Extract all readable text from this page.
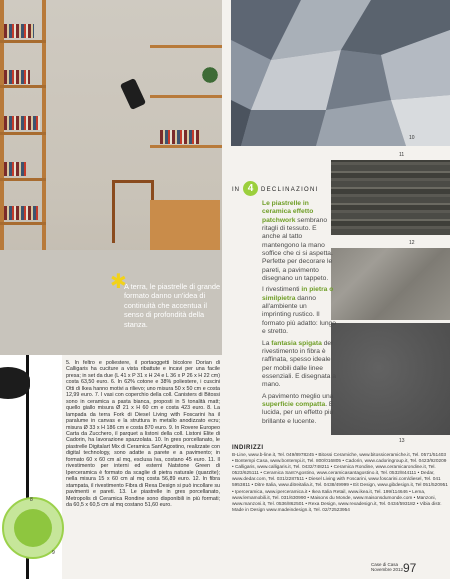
✱
A terra, le piastrelle di grande formato danno un'idea di continuità che accentua il senso di profondità della stanza.
8
9
5. In feltro e poliestere, il portaoggetti bicolore Dorian di Calligaris ha cuciture a vista ribattute e incavi per una facile presa; in set da due (L 41 x P 31 x H 24 e L 36 x P 26 x H 22 cm) costa 63,50 euro. 6. In 62% cotone e 38% poliestere, i cuscini Otti di Ikea hanno motivi a rilievo; uno misura 50 x 50 cm e costa 12,99 euro. 7. I vasi con coperchio della coll. Canisters di Bitossi sono in ceramica a pasta bianca, proposti in 5 tonalità matt; quello giallo misura Ø 21 x H 60 cm e costa 423 euro. 8. La lampada da terra Fork di Diesel Living with Foscarini ha il paralume in canvas e la struttura in metallo anodizzato ecru; misura Ø 33 x H 186 cm e costa 870 euro. 9. In Rovere Europeo Carta da Zucchero, il parquet a listoni della coll. Listoni Elite di Cadorin, ha lavorazione spazzolata. 10. In gres porcellanato, le piastrelle Digitalart Mix di Ceramica Sant'Agostino, realizzate con digital technology, sono adatte a parete e a pavimento; in formato 60 x 60 cm al mq, esclusa Iva, costano 45 euro. 11. Il rivestimento per interni ed esterni Natstone Green di Iperceramica è formato da scaglie di pietra naturale (quarzite); nella misura 15 x 60 cm al mq costa 56,89 euro. 12. In fibra stampata, il rivestimento Fibra di Rexa Design si può incollare su pavimenti e pareti. 13. Le piastrelle in gres porcellanato, Metropolis di Ceramica Rondine sono disponibili in più formati; da 60,5 x 60,5 cm al mq costano 51,60 euro.
10
11
12
13
IN 4	DECLINAZIONI

Le piastrelle in ceramica effetto patchwork sembrano ritagli di tessuto. E anche al tatto mantengono la mano soffice che ci si aspetta. Perfette per decorare le pareti, a pavimento disegnano un tappeto.

I rivestimenti in pietra o similpietra danno all'ambiente un imprinting rustico. Il formato più adatto: lungo e stretto.

La fantasia spigata del rivestimento in fibra è raffinata, spesso ideale per mobili dalle linee essenziali. E disegnata a mano.

A pavimento meglio una superficie compatta. E lucida, per un effetto più brillante e lucente.

INDIRIZZI
B-Line, www.b-line.it, Tel. 049/8978245 • Bitossi Ceramiche, www.bitossiceramiche.it, Tel. 0571/51403 • Bontempi Casa, www.bontempi.it, Tel. 800/016805 • Cadorin, www.cadoringroup.it, Tel. 0423/920209 • Calligaris, www.calligaris.it, Tel. 0432/748211 • Ceramica Rondine, www.ceramicarondine.it, Tel. 0523/625111 • Ceramica Sant'Agostino, www.ceramicasantagostino.it, Tel. 0532/844111 • Dedar, www.dedar.com, Tel. 031/2287511 • Diesel Living with Foscarini, www.foscarini.com/diesel, Tel. 041 5953811 • Ditre Italia, www.ditreitalia.it, Tel. 0438/49999 • Eit Design, www.gibdesign.it, Tel 051/520951 • Iperceramica, www.iperceramica.it • Ikea Italia Retail, www.ikea.it, Tel. 199/114646 • Lema, www.lemamobili.it, Tel. 031/630990 • Maisons du Monde, www.maisonsdumonde.com • Manzoni, www.manzoni.it, Tel. 0536/862501 • Rexa Design, www.rexadesign.it, Tel. 0434/593182 • Vibia distr. Made in Design www.madeindesign.it, Tel. 02/72523954
Case di Casa
Novembre 2012 97
